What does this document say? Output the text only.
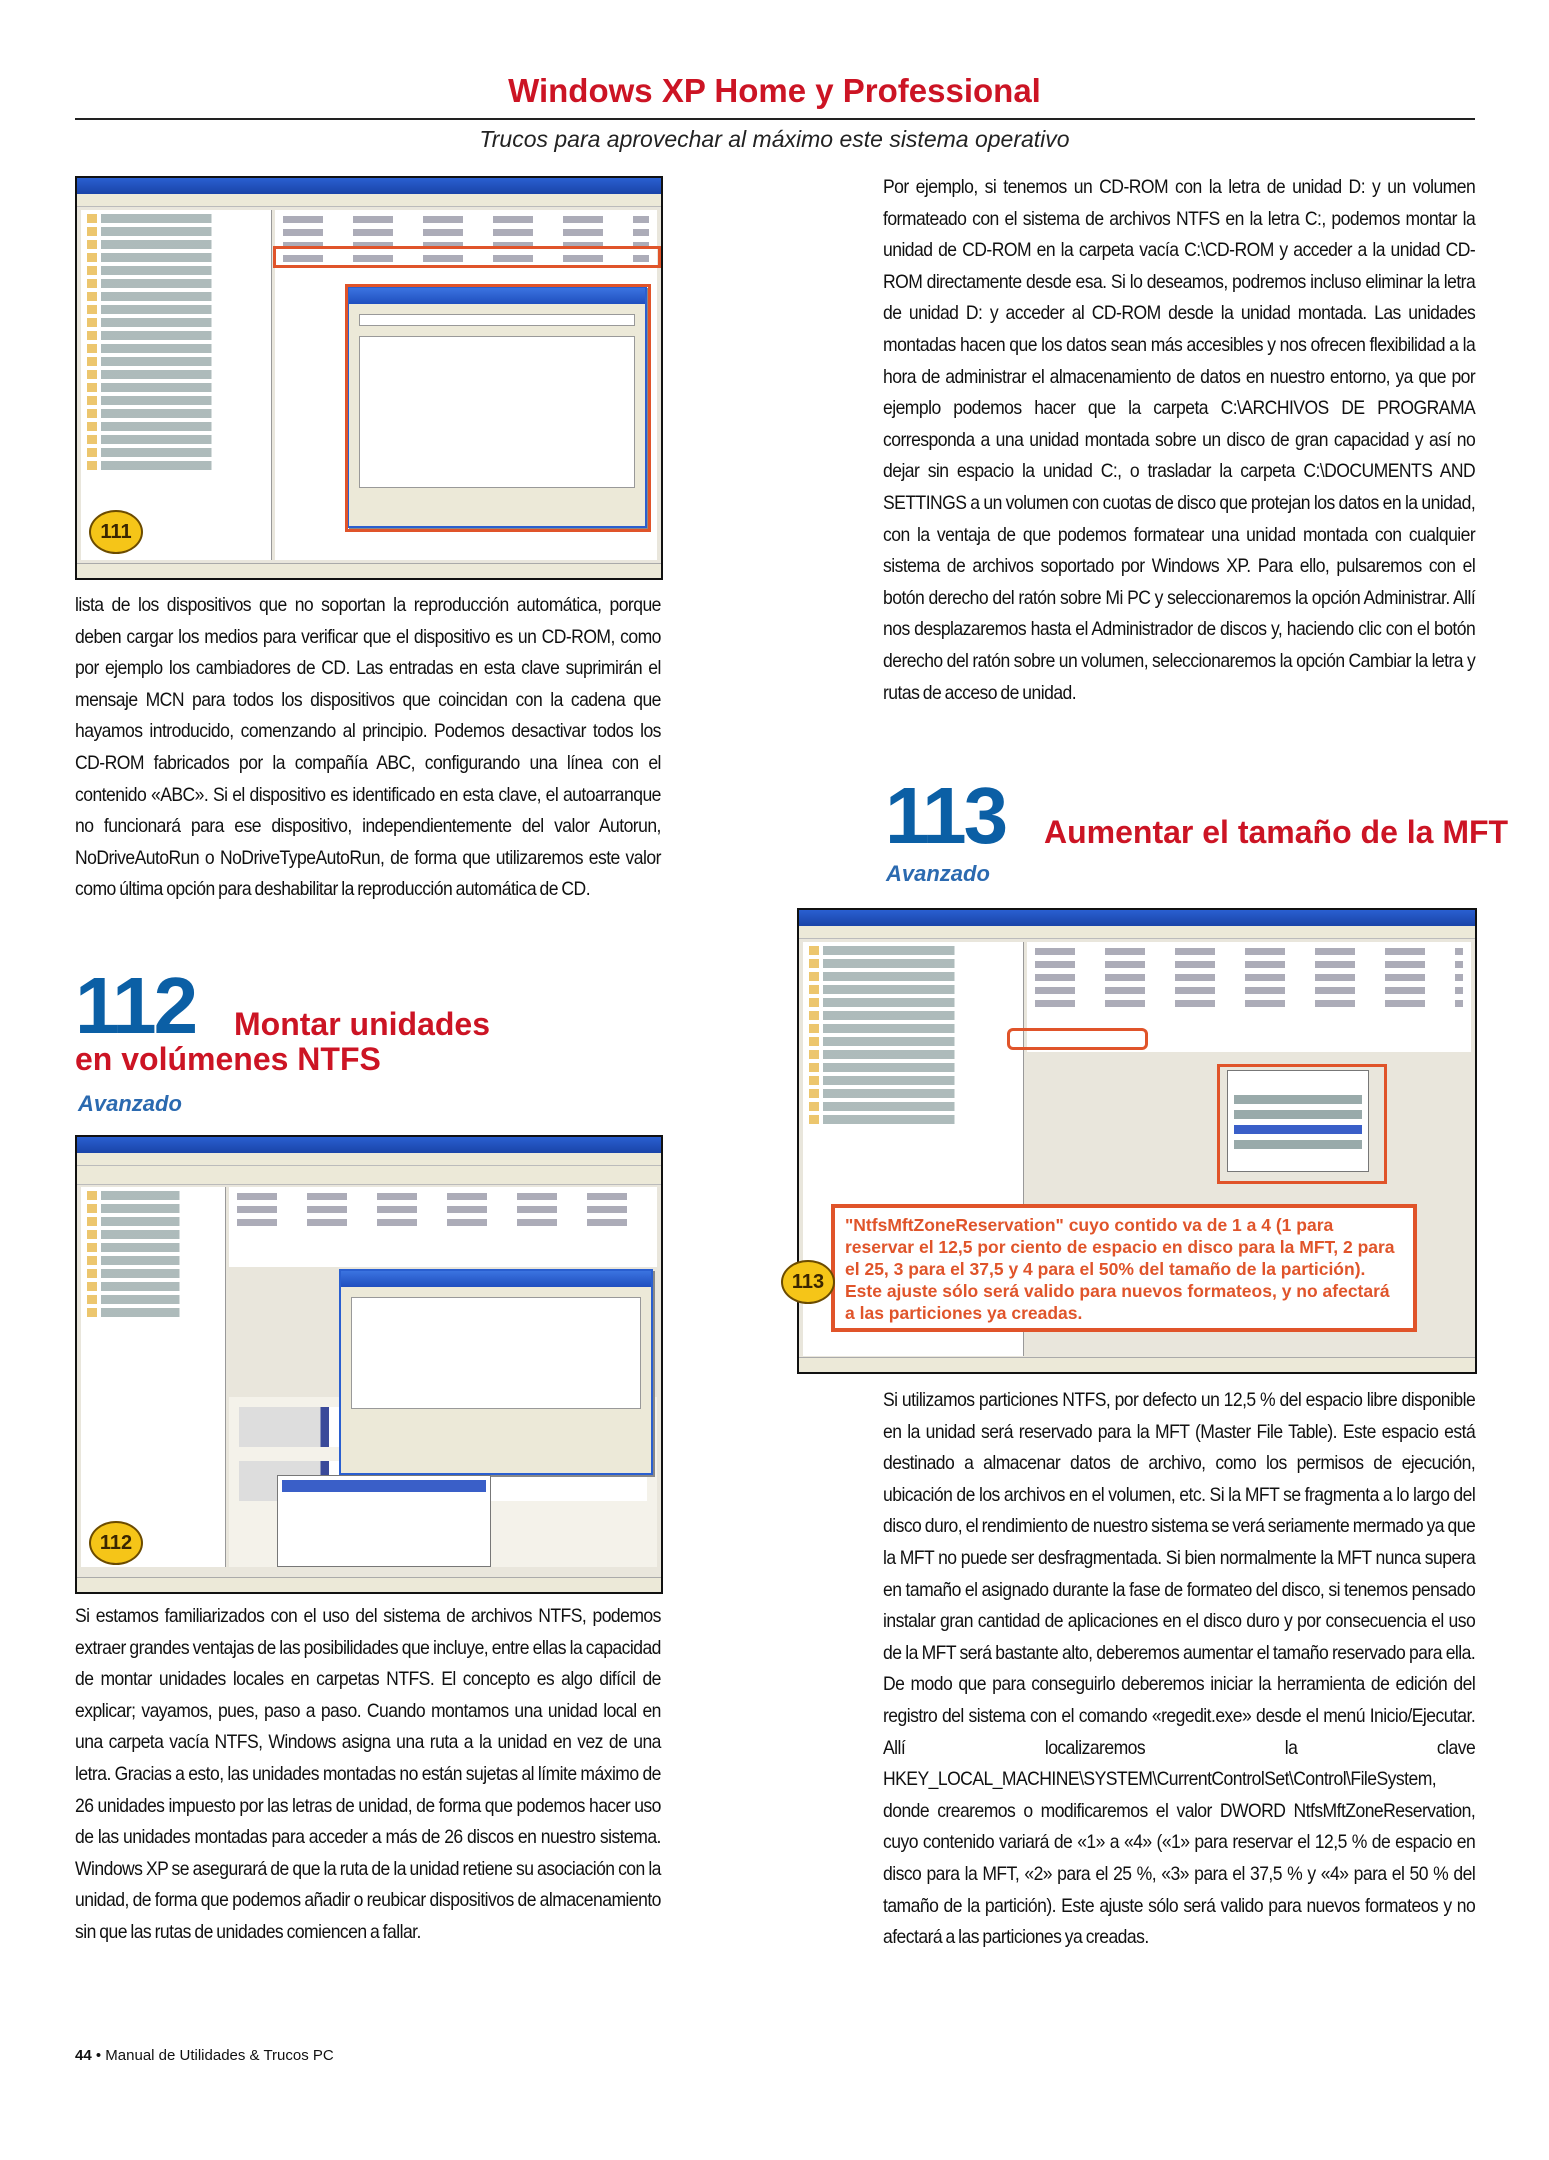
Windows XP Home y Professional
Trucos para aprovechar al máximo este sistema operativo
111
lista de los dispositivos que no soportan la reproducción automática, porque deben cargar los medios para verificar que el dispositivo es un CD-ROM, como por ejemplo los cambiadores de CD. Las entradas en esta clave suprimirán el mensaje MCN para todos los dispositivos que coincidan con la cadena que hayamos introducido, comenzando al principio. Podemos desactivar todos los CD-ROM fabricados por la compañía ABC, configurando una línea con el contenido «ABC». Si el dispositivo es identificado en esta clave, el autoarranque no funcionará para ese dispositivo, independientemente del valor Autorun, NoDriveAutoRun o NoDriveTypeAutoRun, de forma que utilizaremos este valor como última opción para deshabilitar la reproducción automática de CD.
112 Montar unidades
en volúmenes NTFS
Avanzado
112
Si estamos familiarizados con el uso del sistema de archivos NTFS, podemos extraer grandes ventajas de las posibilidades que incluye, entre ellas la capacidad de montar unidades locales en carpetas NTFS. El concepto es algo difícil de explicar; vayamos, pues, paso a paso. Cuando montamos una unidad local en una carpeta vacía NTFS, Windows asigna una ruta a la unidad en vez de una letra. Gracias a esto, las unidades montadas no están sujetas al límite máximo de 26 unidades impuesto por las letras de unidad, de forma que podemos hacer uso de las unidades montadas para acceder a más de 26 discos en nuestro sistema. Windows XP se asegurará de que la ruta de la unidad retiene su asociación con la unidad, de forma que podemos añadir o reubicar dispositivos de almacenamiento sin que las rutas de unidades comiencen a fallar.
Por ejemplo, si tenemos un CD-ROM con la letra de unidad D: y un volumen formateado con el sistema de archivos NTFS en la letra C:, podemos montar la unidad de CD-ROM en la carpeta vacía C:\CD-ROM y acceder a la unidad CD-ROM directamente desde esa. Si lo deseamos, podremos incluso eliminar la letra de unidad D: y acceder al CD-ROM desde la unidad montada. Las unidades montadas hacen que los datos sean más accesibles y nos ofrecen flexibilidad a la hora de administrar el almacenamiento de datos en nuestro entorno, ya que por ejemplo podemos hacer que la carpeta C:\ARCHIVOS DE PROGRAMA corresponda a una unidad montada sobre un disco de gran capacidad y así no dejar sin espacio la unidad C:, o trasladar la carpeta C:\DOCUMENTS AND SETTINGS a un volumen con cuotas de disco que protejan los datos en la unidad, con la ventaja de que podemos formatear una unidad montada con cualquier sistema de archivos soportado por Windows XP. Para ello, pulsaremos con el botón derecho del ratón sobre Mi PC y seleccionaremos la opción Administrar. Allí nos desplazaremos hasta el Administrador de discos y, haciendo clic con el botón derecho del ratón sobre un volumen, seleccionaremos la opción Cambiar la letra y rutas de acceso de unidad.
113 Aumentar el tamaño de la MFT
Avanzado
"NtfsMftZoneReservation" cuyo contido va de 1 a 4 (1 para reservar el 12,5 por ciento de espacio en disco para la MFT, 2 para el 25, 3 para el 37,5 y 4 para el 50% del tamaño de la partición). Este ajuste sólo será valido para nuevos formateos, y no afectará a las particiones ya creadas.
113
Si utilizamos particiones NTFS, por defecto un 12,5 % del espacio libre disponible en la unidad será reservado para la MFT (Master File Table). Este espacio está destinado a almacenar datos de archivo, como los permisos de ejecución, ubicación de los archivos en el volumen, etc. Si la MFT se fragmenta a lo largo del disco duro, el rendimiento de nuestro sistema se verá seriamente mermado ya que la MFT no puede ser desfragmentada. Si bien normalmente la MFT nunca supera en tamaño el asignado durante la fase de formateo del disco, si tenemos pensado instalar gran cantidad de aplicaciones en el disco duro y por consecuencia el uso de la MFT será bastante alto, deberemos aumentar el tamaño reservado para ella. De modo que para conseguirlo deberemos iniciar la herramienta de edición del registro del sistema con el comando «regedit.exe» desde el menú Inicio/Ejecutar. Allí localizaremos la clave HKEY_LOCAL_MACHINE\SYSTEM\CurrentControlSet\Control\FileSystem, donde crearemos o modificaremos el valor DWORD NtfsMftZoneReservation, cuyo contenido variará de «1» a «4» («1» para reservar el 12,5 % de espacio en disco para la MFT, «2» para el 25 %, «3» para el 37,5 % y «4» para el 50 % del tamaño de la partición). Este ajuste sólo será valido para nuevos formateos y no afectará a las particiones ya creadas.
44 • Manual de Utilidades & Trucos PC
